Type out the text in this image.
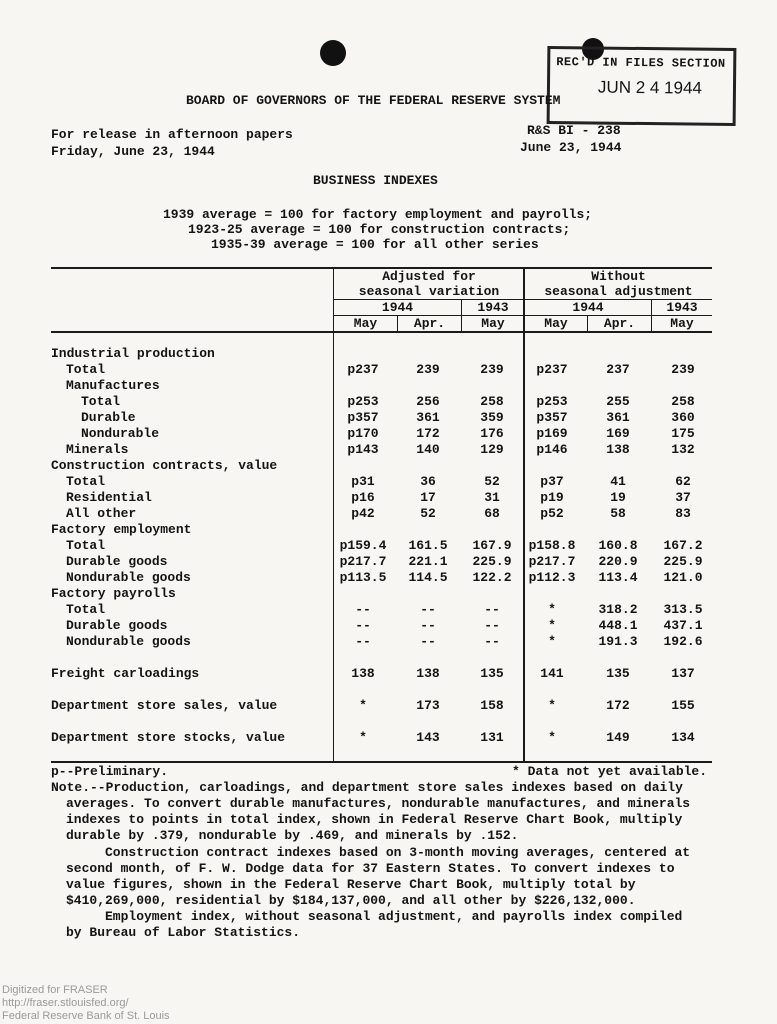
REC'D IN FILES SECTION
JUN 2 4 1944
BOARD OF GOVERNORS OF THE FEDERAL RESERVE SYSTEM
For release in afternoon papers
Friday, June 23, 1944
R&S BI - 238
June 23, 1944
BUSINESS INDEXES
1939 average = 100 for factory employment and payrolls;
1923-25 average = 100 for construction contracts;
1935-39 average = 100 for all other series
Adjusted for
seasonal variation
Without
seasonal adjustment
1944	1943	1944	1943
May	Apr.	May	May	Apr.	May
Industrial production
Total	p237	239	239	p237	237	239
Manufactures
Total	p253	256	258	p253	255	258
Durable	p357	361	359	p357	361	360
Nondurable	p170	172	176	p169	169	175
Minerals	p143	140	129	p146	138	132
Construction contracts, value
Total	p31	36	52	p37	41	62
Residential	p16	17	31	p19	19	37
All other	p42	52	68	p52	58	83
Factory employment
Total	p159.4	161.5	167.9	p158.8	160.8	167.2
Durable goods	p217.7	221.1	225.9	p217.7	220.9	225.9
Nondurable goods	p113.5	114.5	122.2	p112.3	113.4	121.0
Factory payrolls
Total	--	--	--	*	318.2	313.5
Durable goods	--	--	--	*	448.1	437.1
Nondurable goods	--	--	--	*	191.3	192.6
Freight carloadings	138	138	135	141	135	137
Department store sales, value	*	173	158	*	172	155
Department store stocks, value	*	143	131	*	149	134
p--Preliminary.	* Data not yet available.
Note.--Production, carloadings, and department store sales indexes based on daily
averages. To convert durable manufactures, nondurable manufactures, and minerals
indexes to points in total index, shown in Federal Reserve Chart Book, multiply
durable by .379, nondurable by .469, and minerals by .152.
Construction contract indexes based on 3-month moving averages, centered at
second month, of F. W. Dodge data for 37 Eastern States. To convert indexes to
value figures, shown in the Federal Reserve Chart Book, multiply total by
$410,269,000, residential by $184,137,000, and all other by $226,132,000.
Employment index, without seasonal adjustment, and payrolls index compiled
by Bureau of Labor Statistics.
Digitized for FRASER
http://fraser.stlouisfed.org/
Federal Reserve Bank of St. Louis
